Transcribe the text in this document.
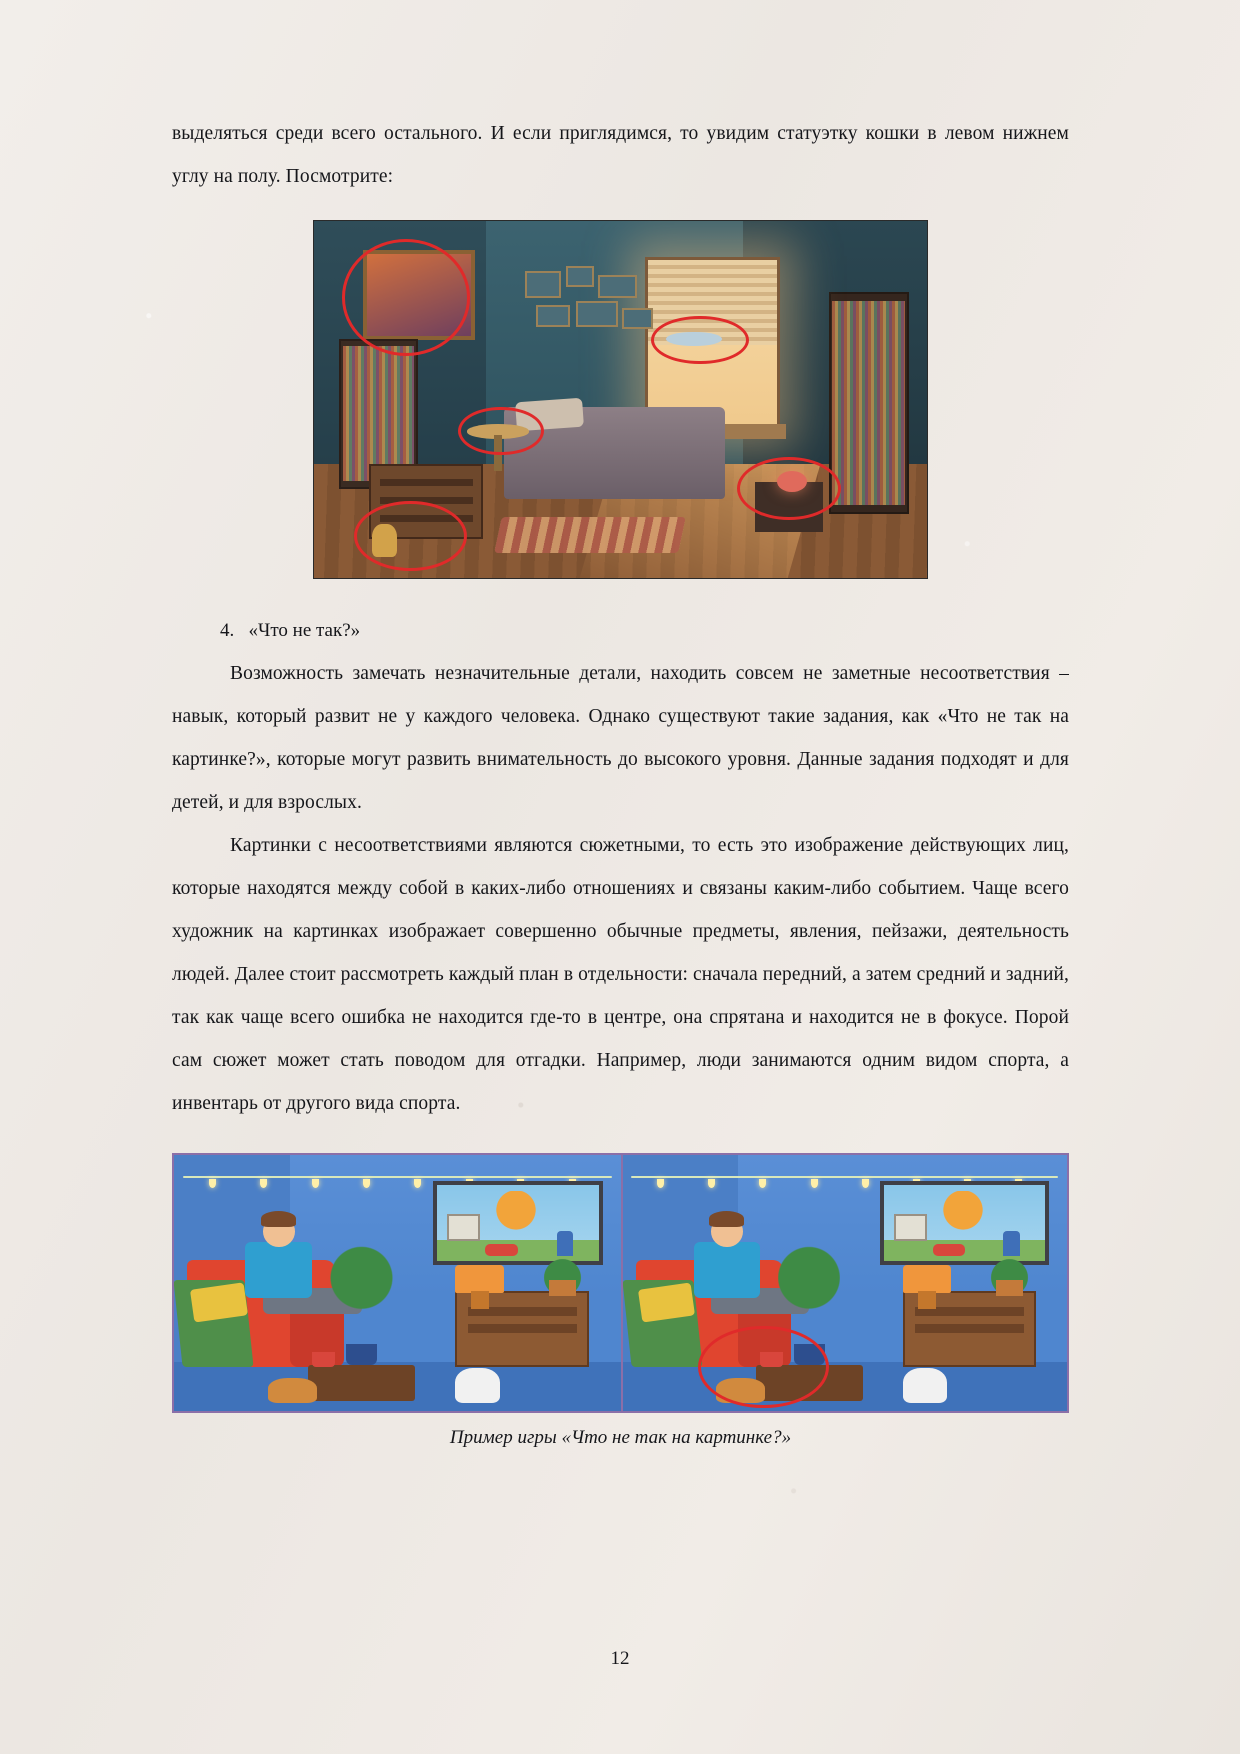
выделяться среди всего остального. И если приглядимся, то увидим статуэтку кошки в левом нижнем углу на полу. Посмотрите:

4. «Что не так?»

Возможность замечать незначительные детали, находить совсем не заметные несоответствия – навык, который развит не у каждого человека. Однако существуют такие задания, как «Что не так на картинке?», которые могут развить внимательность до высокого уровня. Данные задания подходят и для детей, и для взрослых.

Картинки с несоответствиями являются сюжетными, то есть это изображение действующих лиц, которые находятся между собой в каких-либо отношениях и связаны каким-либо событием. Чаще всего художник на картинках изображает совершенно обычные предметы, явления, пейзажи, деятельность людей. Далее стоит рассмотреть каждый план в отдельности: сначала передний, а затем средний и задний, так как чаще всего ошибка не находится где-то в центре, она спрятана и находится не в фокусе. Порой сам сюжет может стать поводом для отгадки. Например, люди занимаются одним видом спорта, а инвентарь от другого вида спорта.

Пример игры «Что не так на картинке?»

12
